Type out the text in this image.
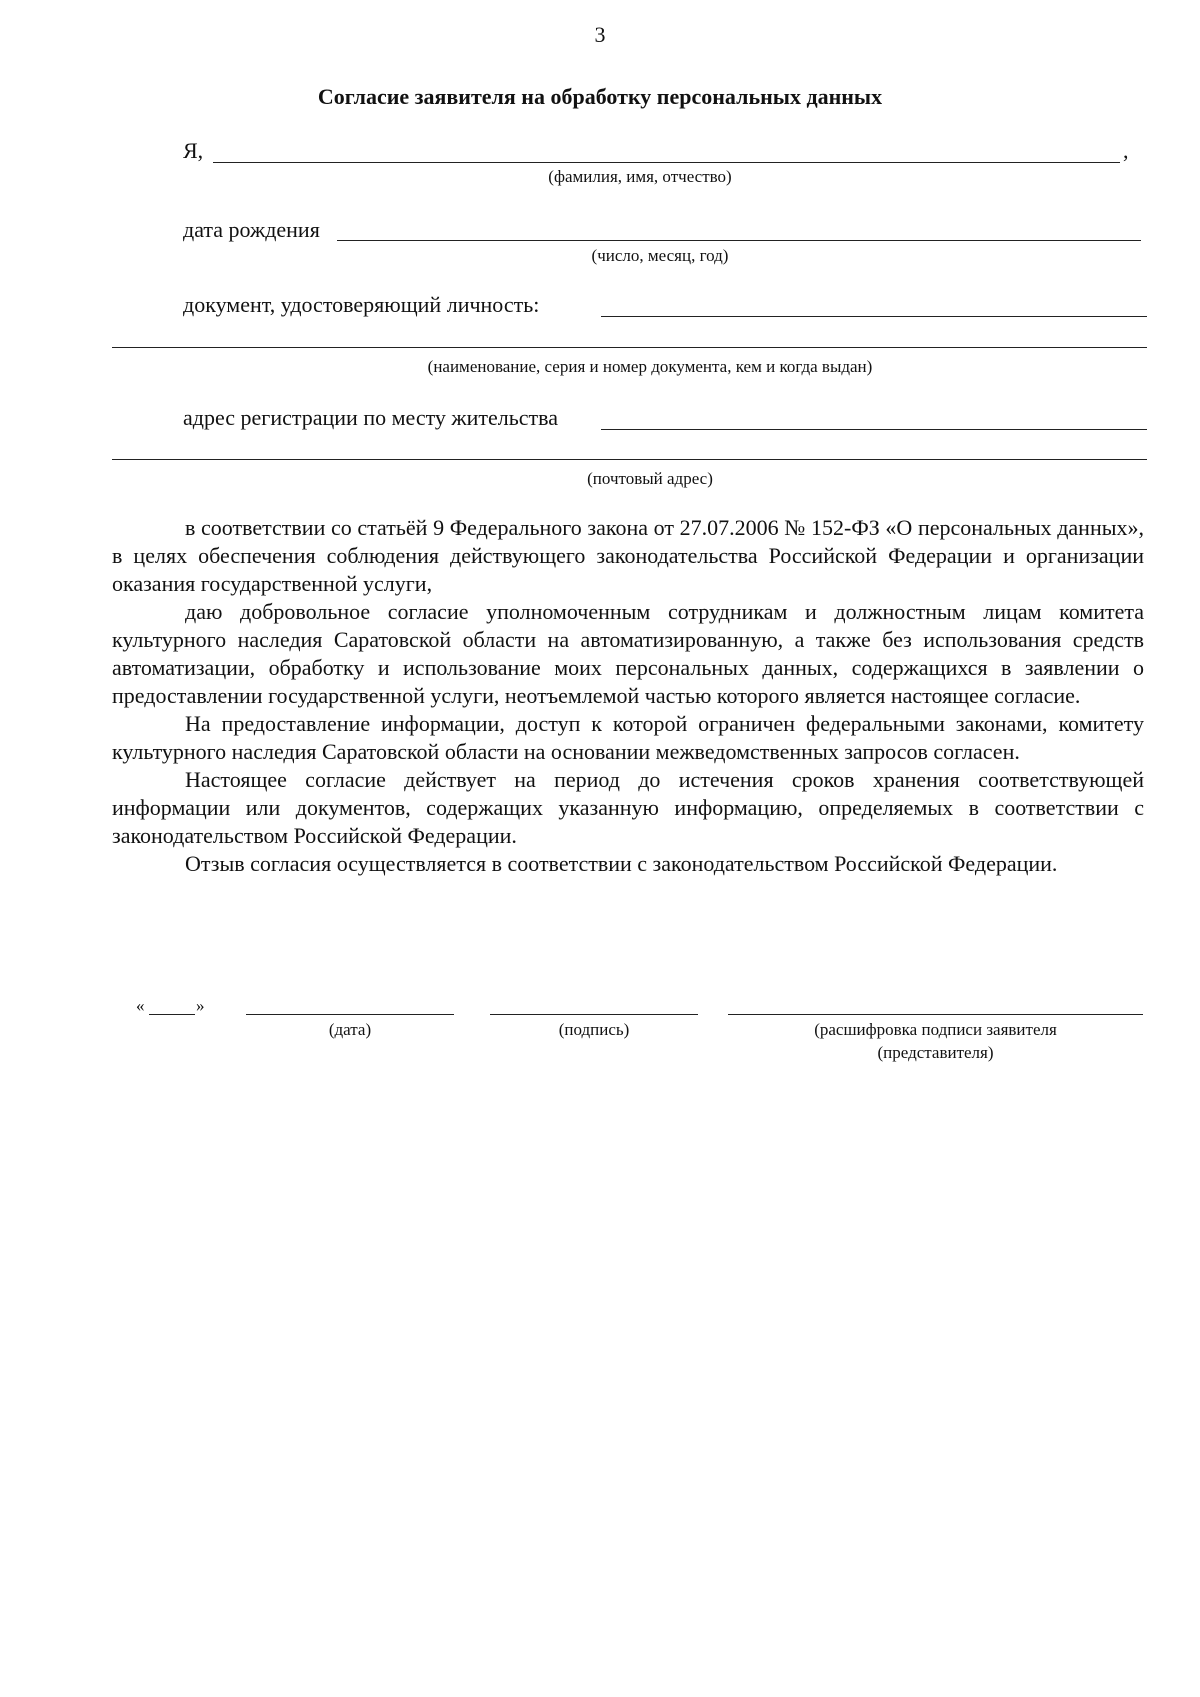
3
Согласие заявителя на обработку персональных данных
Я,	,
(фамилия, имя, отчество)
дата рождения
(число, месяц, год)
документ, удостоверяющий личность:
(наименование, серия и номер документа, кем и когда выдан)
адрес регистрации по месту жительства
(почтовый адрес)

в соответствии со статьёй 9 Федерального закона от 27.07.2006 № 152-ФЗ «О персональных данных», в целях обеспечения соблюдения действующего законодательства Российской Федерации и организации оказания государственной услуги,

даю добровольное согласие уполномоченным сотрудникам и должностным лицам комитета культурного наследия Саратовской области на автоматизированную, а также без использования средств автоматизации, обработку и использование моих персональных данных, содержащихся в заявлении о предоставлении государственной услуги, неотъемлемой частью которого является настоящее согласие.

На предоставление информации, доступ к которой ограничен федеральными законами, комитету культурного наследия Саратовской области на основании межведомственных запросов согласен.

Настоящее согласие действует на период до истечения сроков хранения соответствующей информации или документов, содержащих указанную информацию, определяемых в соответствии с законодательством Российской Федерации.

Отзыв согласия осуществляется в соответствии с законодательством Российской Федерации.

«	»
(дата)	(подпись)	(расшифровка подписи заявителя
(представителя)
